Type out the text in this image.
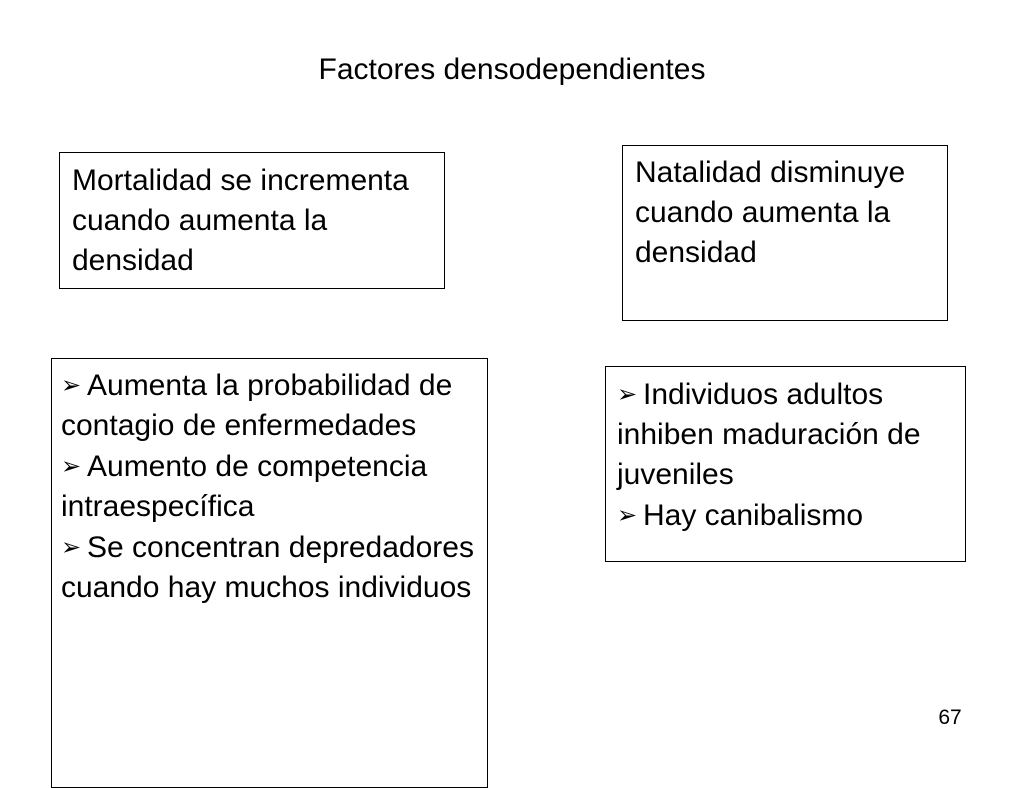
Factores densodependientes

Mortalidad se incrementa cuando aumenta la densidad

Natalidad disminuye cuando aumenta la densidad

➢ Aumenta la probabilidad de contagio de enfermedades

➢ Aumento de competencia intraespecífica

➢ Se concentran depredadores cuando hay muchos individuos

➢ Individuos adultos inhiben maduración de juveniles

➢ Hay canibalismo

67
